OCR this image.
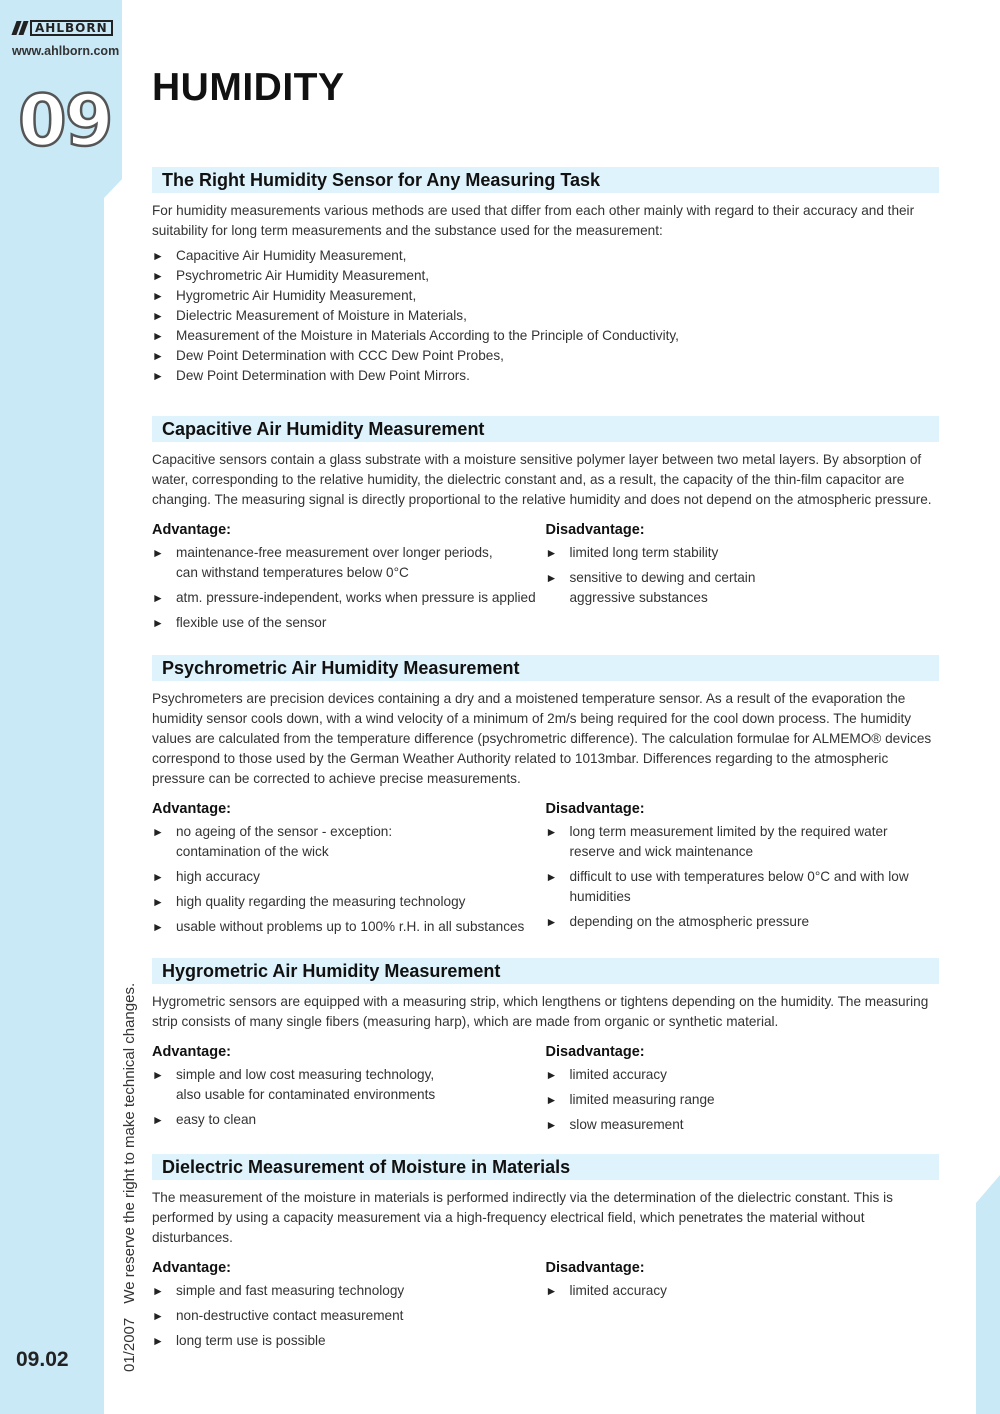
AHLBORN
www.ahlborn.com
09
01/2007 We reserve the right to make technical changes.
09.02
HUMIDITY
The Right Humidity Sensor for Any Measuring Task

For humidity measurements various methods are used that differ from each other mainly with regard to their accuracy and their suitability for long term measurements and the substance used for the measurement:

► Capacitive Air Humidity Measurement,
► Psychrometric Air Humidity Measurement,
► Hygrometric Air Humidity Measurement,
► Dielectric Measurement of Moisture in Materials,
► Measurement of the Moisture in Materials According to the Principle of Conductivity,
► Dew Point Determination with CCC Dew Point Probes,
► Dew Point Determination with Dew Point Mirrors.
Capacitive Air Humidity Measurement

Capacitive sensors contain a glass substrate with a moisture sensitive polymer layer between two metal layers. By absorption of water, corresponding to the relative humidity, the dielectric constant and, as a result, the capacity of the thin-film capacitor are changing. The measuring signal is directly proportional to the relative humidity and does not depend on the atmospheric pressure.

Advantage:
► maintenance-free measurement over longer periods, can withstand temperatures below 0°C
► atm. pressure-independent, works when pressure is applied
► flexible use of the sensor
Disadvantage:
► limited long term stability
► sensitive to dewing and certain aggressive substances
Psychrometric Air Humidity Measurement

Psychrometers are precision devices containing a dry and a moistened temperature sensor. As a result of the evaporation the humidity sensor cools down, with a wind velocity of a minimum of 2m/s being required for the cool down process. The humidity values are calculated from the temperature difference (psychrometric difference). The calculation formulae for ALMEMO® devices correspond to those used by the German Weather Authority related to 1013mbar. Differences regarding to the atmospheric pressure can be corrected to achieve precise measurements.

Advantage:
► no ageing of the sensor - exception: contamination of the wick
► high accuracy
► high quality regarding the measuring technology
► usable without problems up to 100% r.H. in all substances
Disadvantage:
► long term measurement limited by the required water reserve and wick maintenance
► difficult to use with temperatures below 0°C and with low humidities
► depending on the atmospheric pressure
Hygrometric Air Humidity Measurement

Hygrometric sensors are equipped with a measuring strip, which lengthens or tightens depending on the humidity. The measuring strip consists of many single fibers (measuring harp), which are made from organic or synthetic material.

Advantage:
► simple and low cost measuring technology, also usable for contaminated environments
► easy to clean
Disadvantage:
► limited accuracy
► limited measuring range
► slow measurement
Dielectric Measurement of Moisture in Materials

The measurement of the moisture in materials is performed indirectly via the determination of the dielectric constant. This is performed by using a capacity measurement via a high-frequency electrical field, which penetrates the material without disturbances.

Advantage:
► simple and fast measuring technology
► non-destructive contact measurement
► long term use is possible
Disadvantage:
► limited accuracy
